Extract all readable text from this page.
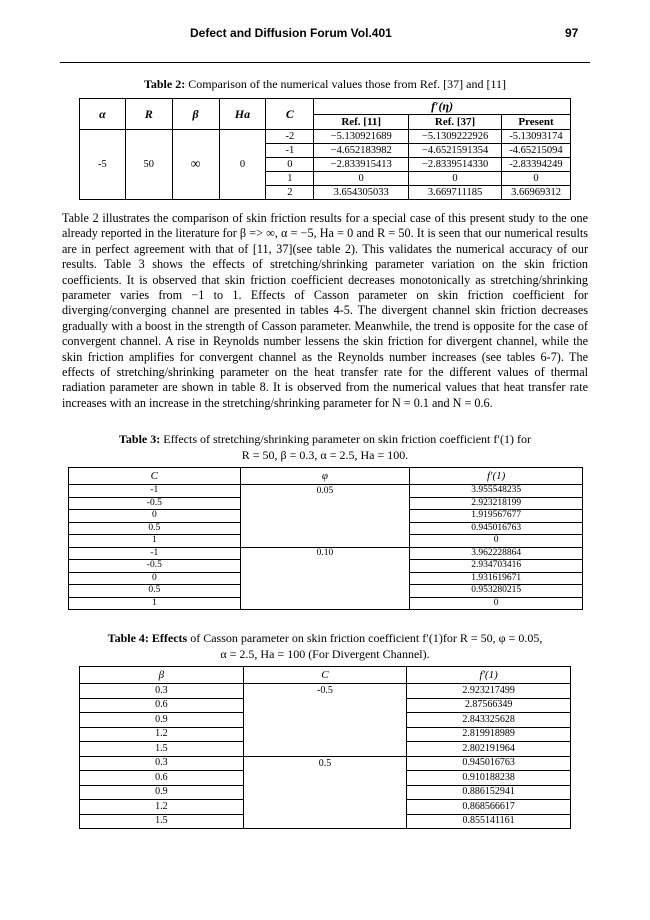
Defect and Diffusion Forum Vol.401	97
Table 2: Comparison of the numerical values those from Ref. [37] and [11]
α	R	β	Ha	C	f′(η)		
					Ref. [11]	Ref. [37]	Present
-5	50	∞	0	-2	−5.130921689	−5.1309222926	-5.13093174
				-1	−4.652183982	−4.6521591354	-4.65215094
				0	−2.833915413	−2.8339514330	-2.83394249
				1	0	0	0
				2	3.654305033	3.669711185	3.66969312

Table 2 illustrates the comparison of skin friction results for a special case of this present study to the one already reported in the literature for β => ∞, α = −5, Ha = 0 and R = 50. It is seen that our numerical results are in perfect agreement with that of [11, 37](see table 2). This validates the numerical accuracy of our results. Table 3 shows the effects of stretching/shrinking parameter variation on the skin friction coefficients. It is observed that skin friction coefficient decreases monotonically as stretching/shrinking parameter varies from −1 to 1. Effects of Casson parameter on skin friction coefficient for diverging/converging channel are presented in tables 4-5. The divergent channel skin friction decreases gradually with a boost in the strength of Casson parameter. Meanwhile, the trend is opposite for the case of convergent channel. A rise in Reynolds number lessens the skin friction for divergent channel, while the skin friction amplifies for convergent channel as the Reynolds number increases (see tables 6-7). The effects of stretching/shrinking parameter on the heat transfer rate for the different values of thermal radiation parameter are shown in table 8. It is observed from the numerical values that heat transfer rate increases with an increase in the stretching/shrinking parameter for N = 0.1 and N = 0.6.

Table 3: Effects of stretching/shrinking parameter on skin friction coefficient f′(1) for
R = 50, β = 0.3, α = 2.5, Ha = 100.
C	φ	f′(1)
-1	0.05	3.955548235
-0.5		2.923218199
0		1.919567677
0.5		0.945016763
1		0
-1	0.10	3.962228864
-0.5		2.934703416
0		1.931619671
0.5		0.953280215
1		0
Table 4: Effects of Casson parameter on skin friction coefficient f′(1)for R = 50, φ = 0.05,
α = 2.5, Ha = 100 (For Divergent Channel).
β	C	f′(1)
0.3	-0.5	2.923217499
0.6		2.87566349
0.9		2.843325628
1.2		2.819918989
1.5		2.802191964
0.3	0.5	0.945016763
0.6		0.910188238
0.9		0.886152941
1.2		0.868566617
1.5		0.855141161
